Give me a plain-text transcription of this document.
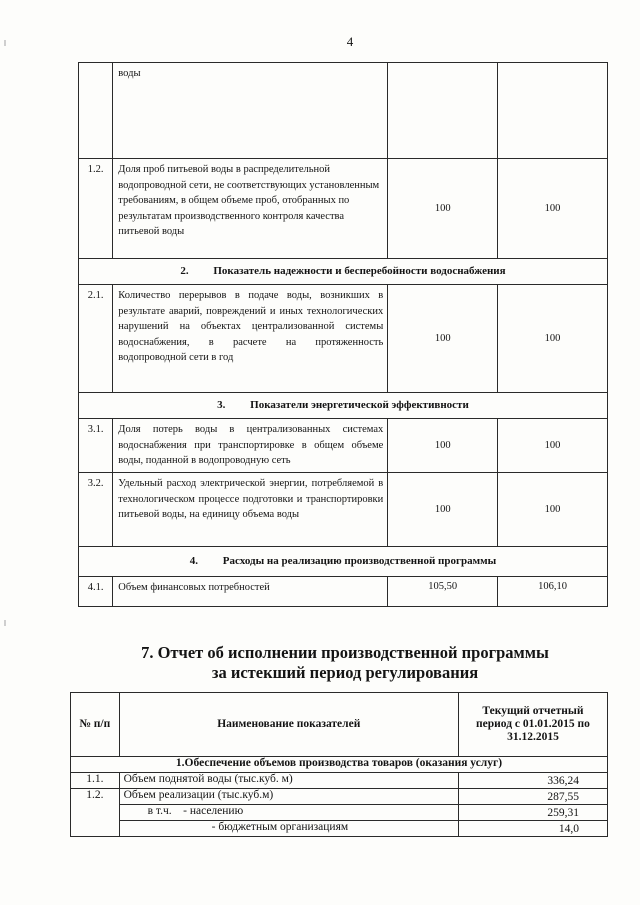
4
	воды		
1.2.	Доля проб питьевой воды в распределительной водопроводной сети, не соответствующих установленным требованиям, в общем объеме проб, отобранных по результатам производственного контроля качества питьевой воды	100	100
2. Показатель надежности и бесперебойности водоснабжения			
2.1.	Количество перерывов в подаче воды, возникших в результате аварий, повреждений и иных технологических нарушений на объектах централизованной системы водоснабжения, в расчете на протяженность водопроводной сети в год	100	100
3. Показатели энергетической эффективности			
3.1.	Доля потерь воды в централизованных системах водоснабжения при транспортировке в общем объеме воды, поданной в водопроводную сеть	100	100
3.2.	Удельный расход электрической энергии, потребляемой в технологическом процессе подготовки и транспортировки питьевой воды, на единицу объема воды	100	100
4. Расходы на реализацию производственной программы			
4.1.	Объем финансовых потребностей	105,50	106,10
7. Отчет об исполнении производственной программы
за истекший период регулирования
№ п/п	Наименование показателей	Текущий отчетный период с 01.01.2015 по 31.12.2015
1.Обеспечение объемов производства товаров (оказания услуг)		
1.1.	Объем поднятой воды (тыс.куб. м)	336,24
1.2.	Объем реализации (тыс.куб.м)	287,55
	в т.ч.    - населению	259,31
	- бюджетным организациям	14,0
